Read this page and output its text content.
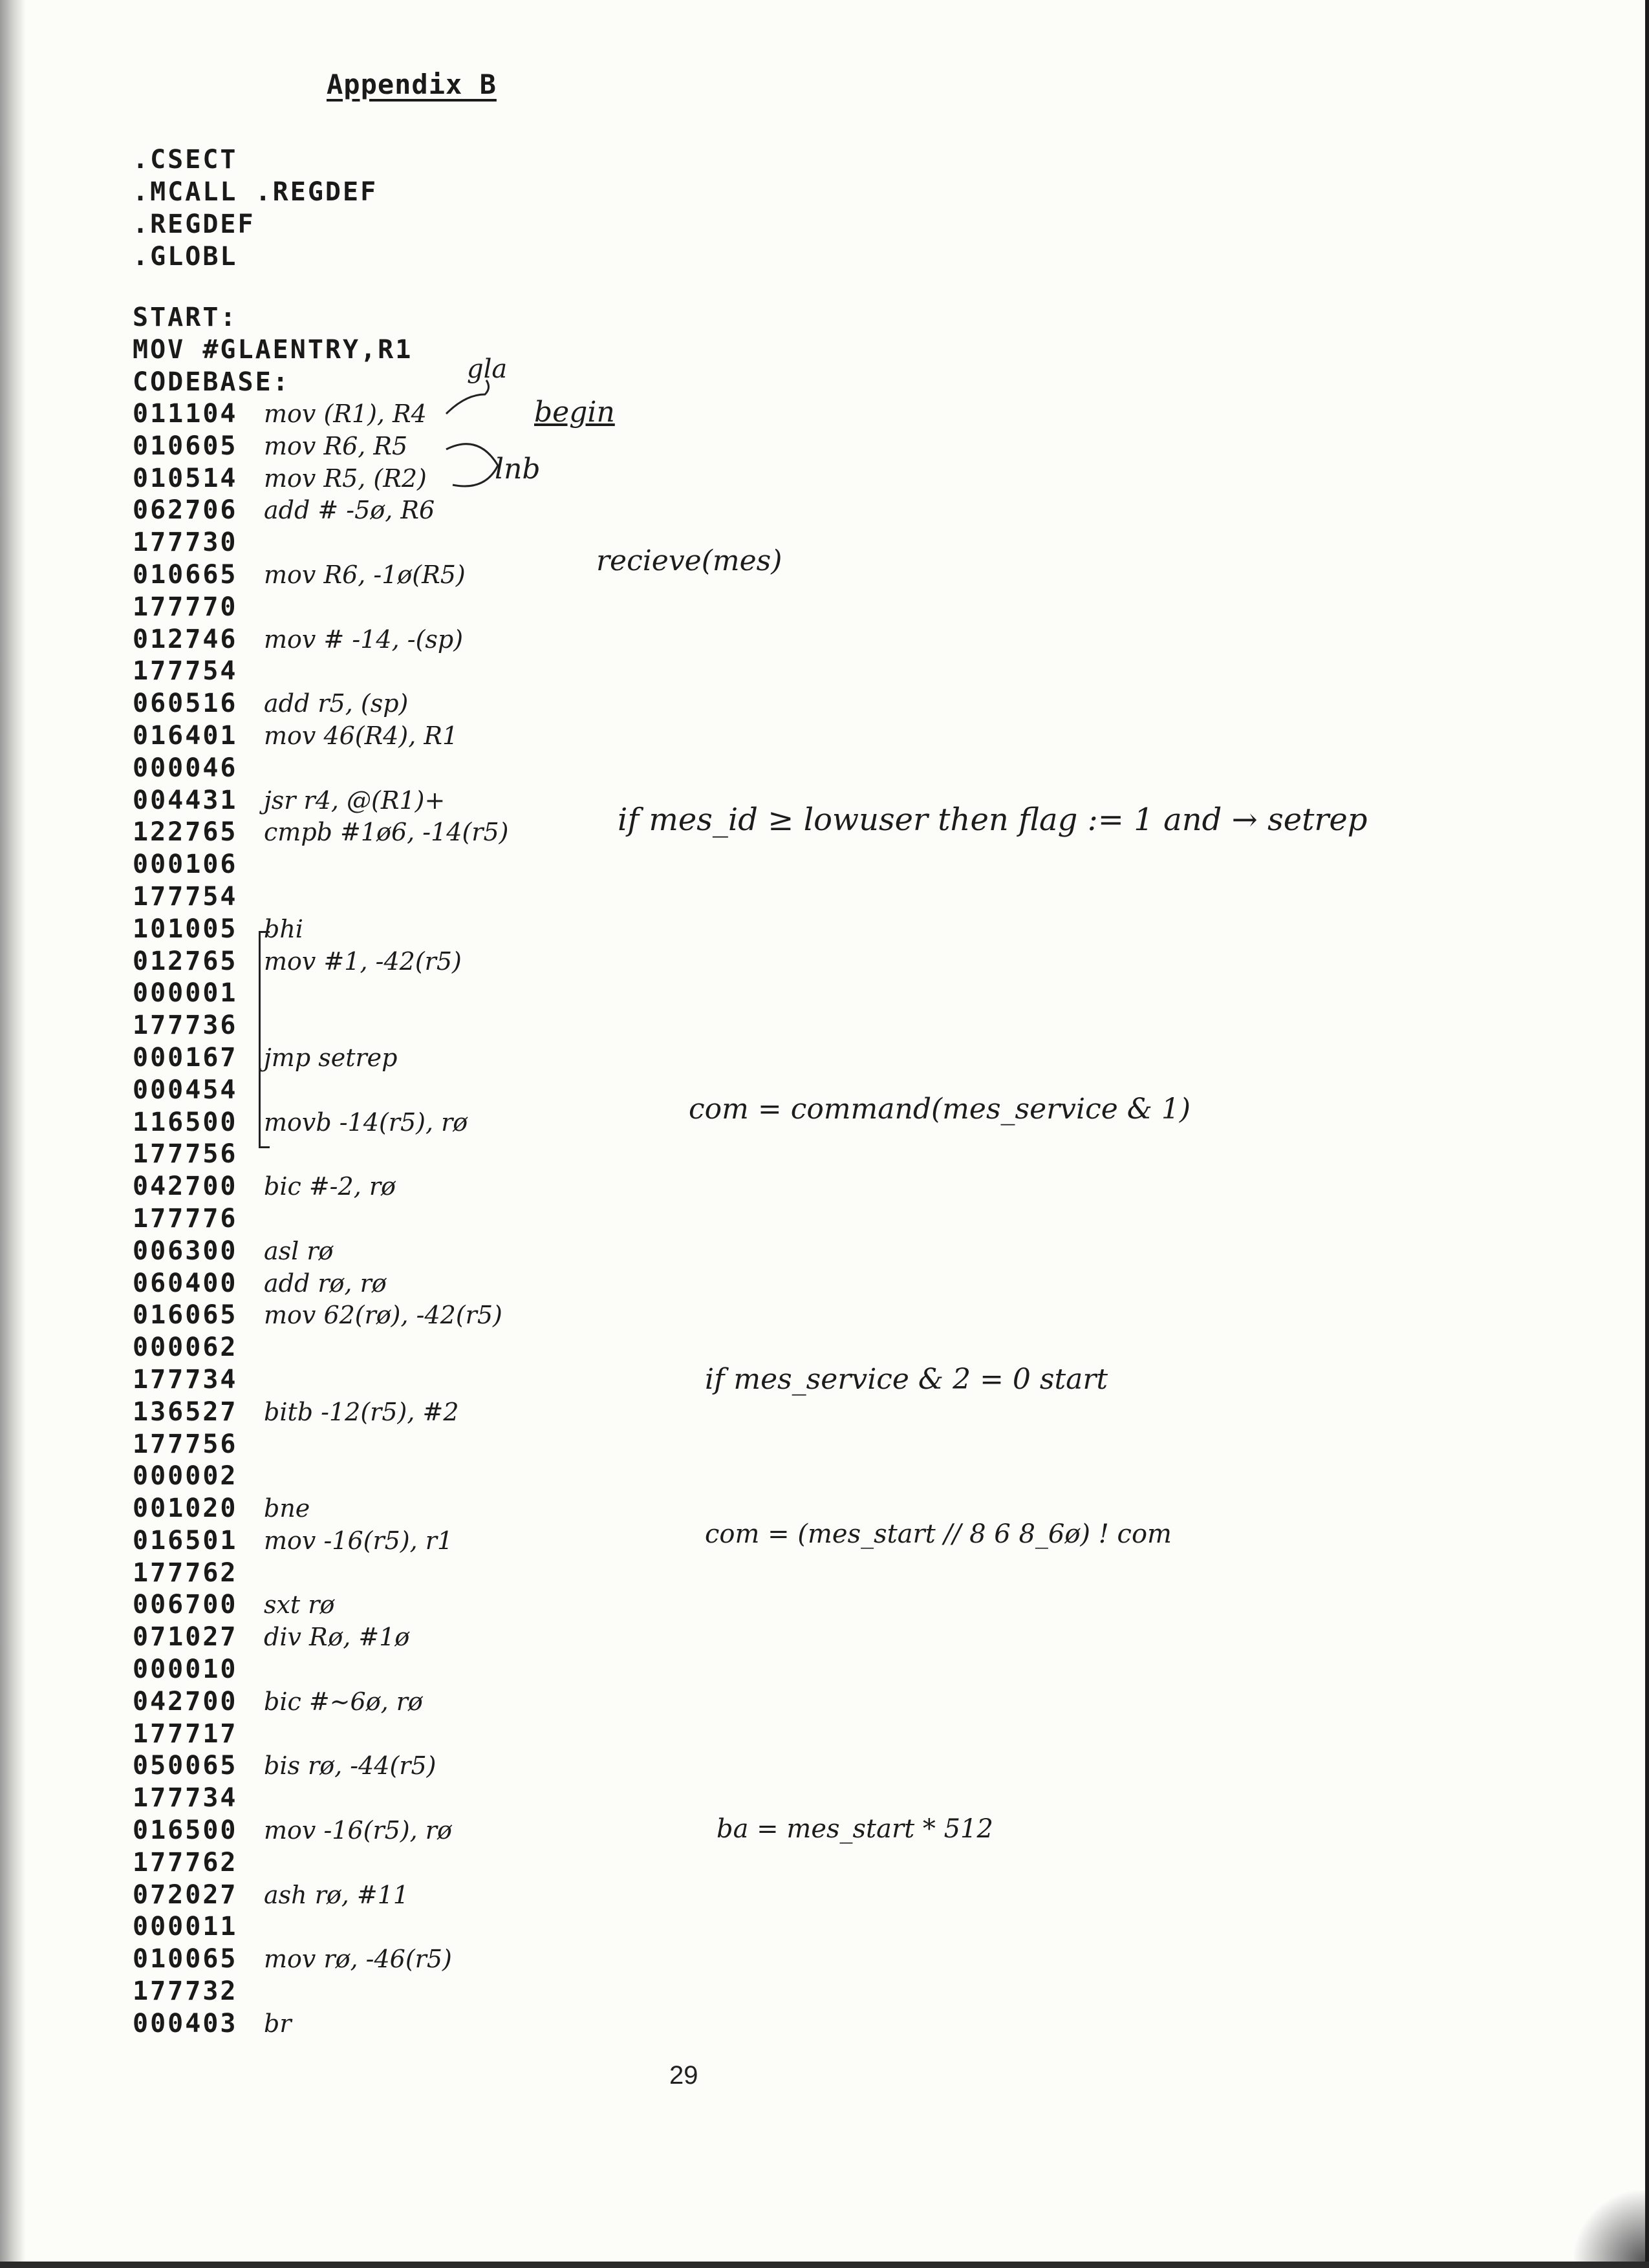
Appendix B
.CSECT
.MCALL .REGDEF
.REGDEF
.GLOBL
START:
MOV #GLAENTRY,R1
CODEBASE:
011104
010605
010514
062706
177730
010665
177770
012746
177754
060516
016401
000046
004431
122765
000106
177754
101005
012765
000001
177736
000167
000454
116500
177756
042700
177776
006300
060400
016065
000062
177734
136527
177756
000002
001020
016501
177762
006700
071027
000010
042700
177717
050065
177734
016500
177762
072027
000011
010065
177732
000403
mov (R1), R4
mov R6, R5
mov R5, (R2)
add # -5ø, R6
mov R6, -1ø(R5)
mov # -14, -(sp)
add r5, (sp)
mov 46(R4), R1
jsr r4, @(R1)+
cmpb #1ø6, -14(r5)
bhi
mov #1, -42(r5)
jmp setrep
movb -14(r5), rø
bic #-2, rø
asl rø
add rø, rø
mov 62(rø), -42(r5)
bitb -12(r5), #2
bne
mov -16(r5), r1
sxt rø
div Rø, #1ø
bic #∼6ø, rø
bis rø, -44(r5)
mov -16(r5), rø
ash rø, #11
mov rø, -46(r5)
br
gla
begin
lnb
recieve(mes)
if mes_id ≥ lowuser then flag := 1 and → setrep
com = command(mes_service & 1)
if mes_service & 2 = 0 start
com = (mes_start // 8 6 8_6ø) ! com
ba = mes_start * 512
29
